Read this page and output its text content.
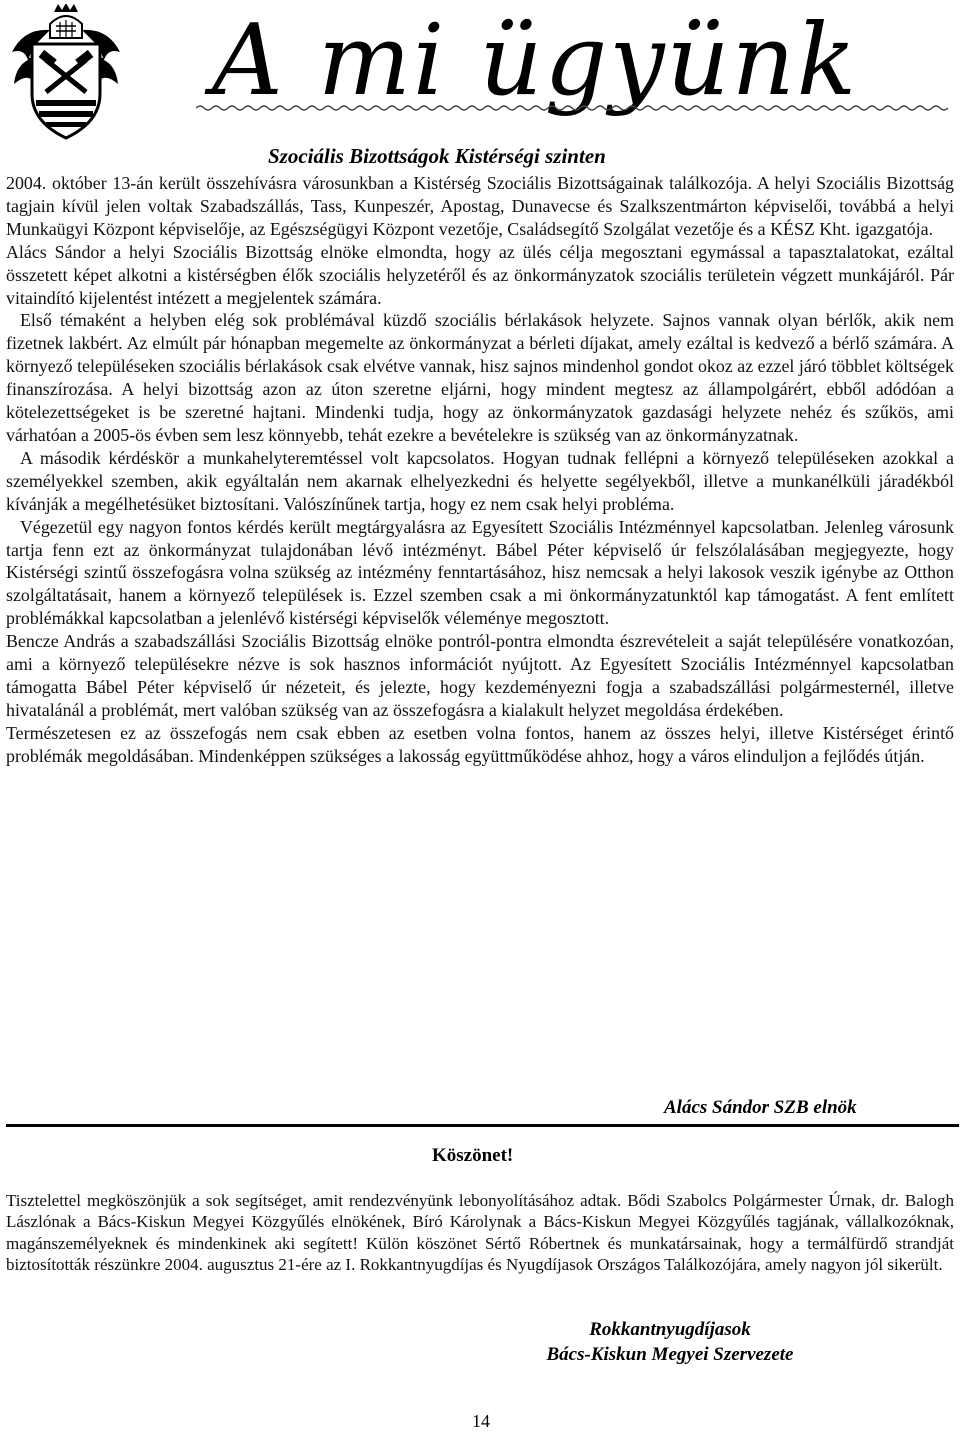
A mi ügyünk
Szociális Bizottságok Kistérségi szinten

2004. október 13-án került összehívásra városunkban a Kistérség Szociális Bizottságainak találkozója. A helyi Szociális Bizottság tagjain kívül jelen voltak Szabadszállás, Tass, Kunpeszér, Apostag, Dunavecse és Szalkszentmárton képviselői, továbbá a helyi Munkaügyi Központ képviselője, az Egészségügyi Központ vezetője, Családsegítő Szolgálat vezetője és a KÉSZ Kht. igazgatója.

Alács Sándor a helyi Szociális Bizottság elnöke elmondta, hogy az ülés célja megosztani egymással a tapasztalatokat, ezáltal összetett képet alkotni a kistérségben élők szociális helyzetéről és az önkormányzatok szociális területein végzett munkájáról. Pár vitaindító kijelentést intézett a megjelentek számára.

Első témaként a helyben elég sok problémával küzdő szociális bérlakások helyzete. Sajnos vannak olyan bérlők, akik nem fizetnek lakbért. Az elmúlt pár hónapban megemelte az önkormányzat a bérleti díjakat, amely ezáltal is kedvező a bérlő számára. A környező településeken szociális bérlakások csak elvétve vannak, hisz sajnos mindenhol gondot okoz az ezzel járó többlet költségek finanszírozása. A helyi bizottság azon az úton szeretne eljárni, hogy mindent megtesz az állampolgárért, ebből adódóan a kötelezettségeket is be szeretné hajtani. Mindenki tudja, hogy az önkormányzatok gazdasági helyzete nehéz és szűkös, ami várhatóan a 2005-ös évben sem lesz könnyebb, tehát ezekre a bevételekre is szükség van az önkormányzatnak.

A második kérdéskör a munkahelyteremtéssel volt kapcsolatos. Hogyan tudnak fellépni a környező településeken azokkal a személyekkel szemben, akik egyáltalán nem akarnak elhelyezkedni és helyette segélyekből, illetve a munkanélküli járadékból kívánják a megélhetésüket biztosítani. Valószínűnek tartja, hogy ez nem csak helyi probléma.

Végezetül egy nagyon fontos kérdés került megtárgyalásra az Egyesített Szociális Intézménnyel kapcsolatban. Jelenleg városunk tartja fenn ezt az önkormányzat tulajdonában lévő intézményt. Bábel Péter képviselő úr felszólalásában megjegyezte, hogy Kistérségi szintű összefogásra volna szükség az intézmény fenntartásához, hisz nemcsak a helyi lakosok veszik igénybe az Otthon szolgáltatásait, hanem a környező települések is. Ezzel szemben csak a mi önkormányzatunktól kap támogatást. A fent említett problémákkal kapcsolatban a jelenlévő kistérségi képviselők véleménye megosztott.

Bencze András a szabadszállási Szociális Bizottság elnöke pontról-pontra elmondta észrevételeit a saját településére vonatkozóan, ami a környező településekre nézve is sok hasznos információt nyújtott. Az Egyesített Szociális Intézménnyel kapcsolatban támogatta Bábel Péter képviselő úr nézeteit, és jelezte, hogy kezdeményezni fogja a szabadszállási polgármesternél, illetve hivatalánál a problémát, mert valóban szükség van az összefogásra a kialakult helyzet megoldása érdekében.

Természetesen ez az összefogás nem csak ebben az esetben volna fontos, hanem az összes helyi, illetve Kistérséget érintő problémák megoldásában. Mindenképpen szükséges a lakosság együttműködése ahhoz, hogy a város elinduljon a fejlődés útján.

Alács Sándor SZB elnök
Köszönet!

Tisztelettel megköszönjük a sok segítséget, amit rendezvényünk lebonyolításához adtak. Bődi Szabolcs Polgármester Úrnak, dr. Balogh Lászlónak a Bács-Kiskun Megyei Közgyűlés elnökének, Bíró Károlynak a Bács-Kiskun Megyei Közgyűlés tagjának, vállalkozóknak, magánszemélyeknek és mindenkinek aki segített! Külön köszönet Sértő Róbertnek és munkatársainak, hogy a termálfürdő strandját biztosították részünkre 2004. augusztus 21-ére az I. Rokkantnyugdíjas és Nyugdíjasok Országos Találkozójára, amely nagyon jól sikerült.

Rokkantnyugdíjasok
Bács-Kiskun Megyei Szervezete
14
